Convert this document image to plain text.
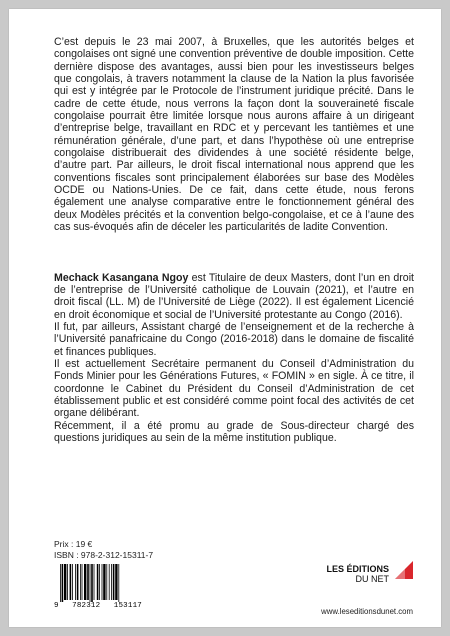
C’est depuis le 23 mai 2007, à Bruxelles, que les autorités belges et congolaises ont signé une convention préventive de double imposition. Cette dernière dispose des avantages, aussi bien pour les investisseurs belges que congolais, à travers notamment la clause de la Nation la plus favorisée qui est y intégrée par le Protocole de l’instrument juridique précité. Dans le cadre de cette étude, nous verrons la façon dont la souveraineté fiscale congolaise pourrait être limitée lorsque nous aurons affaire à un dirigeant d’entreprise belge, travaillant en RDC et y percevant les tantièmes et une rémunération générale, d’une part, et dans l’hypothèse où une entreprise congolaise distribuerait des dividendes à une société résidente belge, d’autre part. Par ailleurs, le droit fiscal international nous apprend que les conventions fiscales sont principalement élaborées sur base des Modèles OCDE ou Nations-Unies. De ce fait, dans cette étude, nous ferons également une analyse comparative entre le fonctionnement général des deux Modèles précités et la convention belgo-congolaise, et ce à l’aune des cas sus-évoqués afin de déceler les particularités de ladite Convention.

Mechack Kasangana Ngoy est Titulaire de deux Masters, dont l’un en droit de l’entreprise de l’Université catholique de Louvain (2021), et l’autre en droit fiscal (LL. M) de l’Université de Liège (2022). Il est également Licencié en droit économique et social de l’Université protestante au Congo (2016).

Il fut, par ailleurs, Assistant chargé de l’enseignement et de la recherche à l’Université panafricaine du Congo (2016-2018) dans le domaine de fiscalité et finances publiques.

Il est actuellement Secrétaire permanent du Conseil d’Administration du Fonds Minier pour les Générations Futures, « FOMIN » en sigle. À ce titre, il coordonne le Cabinet du Président du Conseil d’Administration de cet établissement public et est considéré comme point focal des activités de cet organe délibérant.

Récemment, il a été promu au grade de Sous-directeur chargé des questions juridiques au sein de la même institution publique.

Prix : 19 €
ISBN : 978-2-312-15311-7
9 782312 153117
LES ÉDITIONS
DU NET
www.leseditionsdunet.com
